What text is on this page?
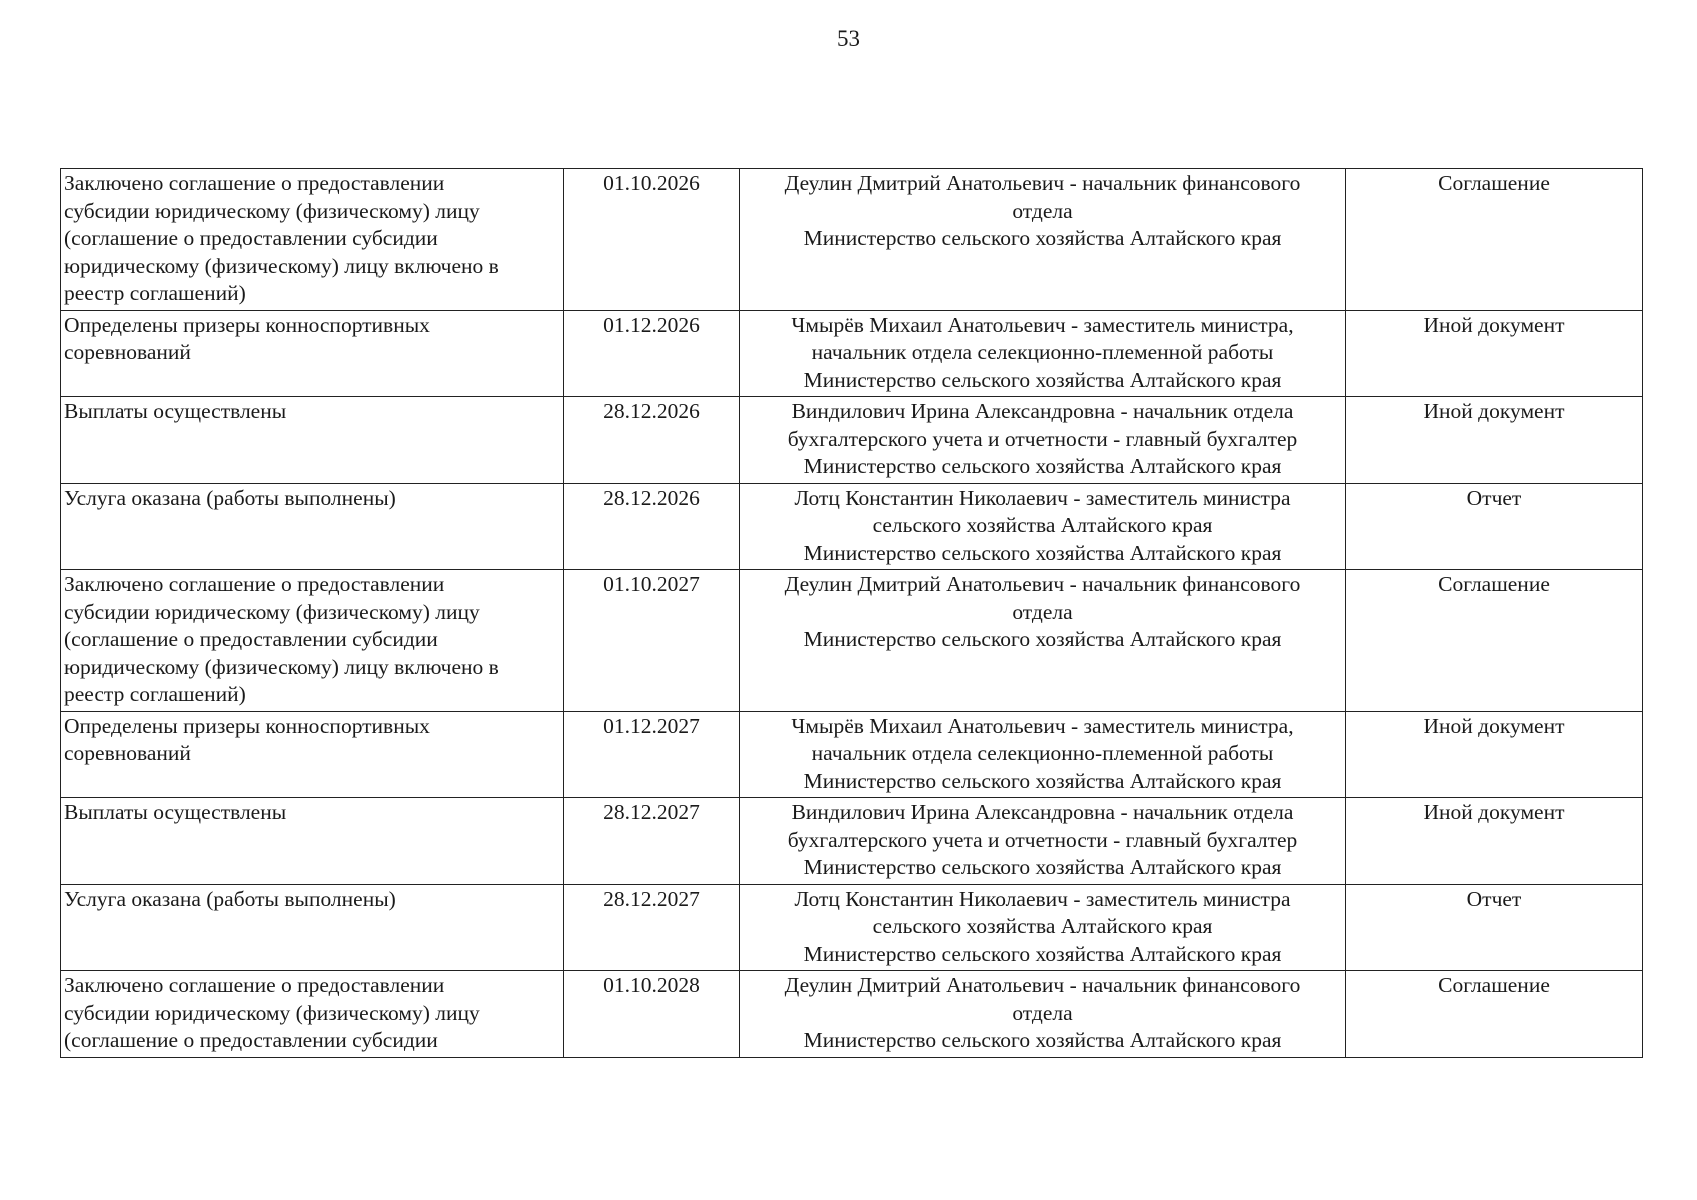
53
Заключено соглашение о предоставлении
субсидии юридическому (физическому) лицу
(соглашение о предоставлении субсидии
юридическому (физическому) лицу включено в
реестр соглашений)	01.10.2026	Деулин Дмитрий Анатольевич - начальник финансового
отдела
Министерство сельского хозяйства Алтайского края	Соглашение

Определены призеры конноспортивных
соревнований	01.12.2026	Чмырёв Михаил Анатольевич - заместитель министра,
начальник отдела селекционно-племенной работы
Министерство сельского хозяйства Алтайского края	Иной документ

Выплаты осуществлены	28.12.2026	Виндилович Ирина Александровна - начальник отдела
бухгалтерского учета и отчетности - главный бухгалтер
Министерство сельского хозяйства Алтайского края	Иной документ

Услуга оказана (работы выполнены)	28.12.2026	Лотц Константин Николаевич - заместитель министра
сельского хозяйства Алтайского края
Министерство сельского хозяйства Алтайского края	Отчет

Заключено соглашение о предоставлении
субсидии юридическому (физическому) лицу
(соглашение о предоставлении субсидии
юридическому (физическому) лицу включено в
реестр соглашений)	01.10.2027	Деулин Дмитрий Анатольевич - начальник финансового
отдела
Министерство сельского хозяйства Алтайского края	Соглашение

Определены призеры конноспортивных
соревнований	01.12.2027	Чмырёв Михаил Анатольевич - заместитель министра,
начальник отдела селекционно-племенной работы
Министерство сельского хозяйства Алтайского края	Иной документ

Выплаты осуществлены	28.12.2027	Виндилович Ирина Александровна - начальник отдела
бухгалтерского учета и отчетности - главный бухгалтер
Министерство сельского хозяйства Алтайского края	Иной документ

Услуга оказана (работы выполнены)	28.12.2027	Лотц Константин Николаевич - заместитель министра
сельского хозяйства Алтайского края
Министерство сельского хозяйства Алтайского края	Отчет

Заключено соглашение о предоставлении
субсидии юридическому (физическому) лицу
(соглашение о предоставлении субсидии	01.10.2028	Деулин Дмитрий Анатольевич - начальник финансового
отдела
Министерство сельского хозяйства Алтайского края	Соглашение
